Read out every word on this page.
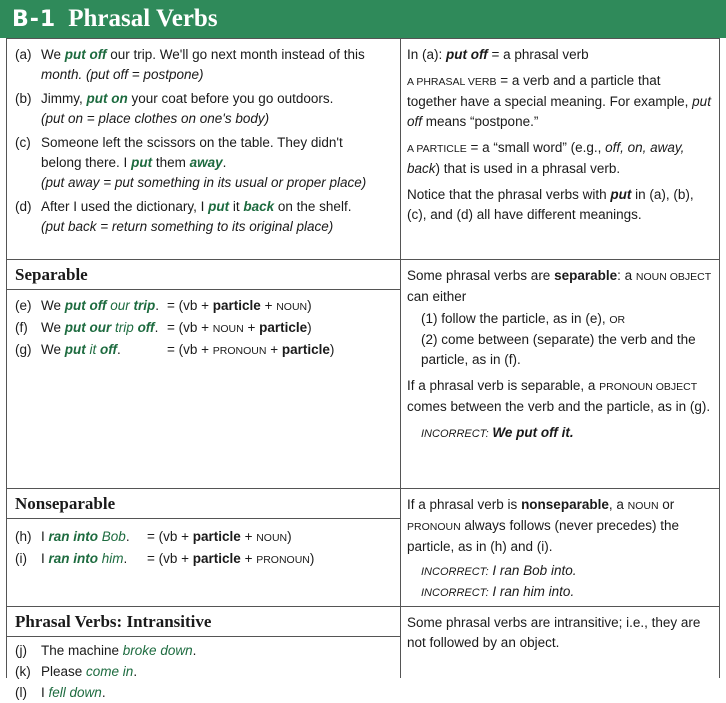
B-1 Phrasal Verbs
(a) We put off our trip. We'll go next month instead of this
month. (put off = postpone)
(b) Jimmy, put on your coat before you go outdoors.
(put on = place clothes on one's body)
(c) Someone left the scissors on the table. They didn't
belong there. I put them away.
(put away = put something in its usual or proper place)
(d) After I used the dictionary, I put it back on the shelf.
(put back = return something to its original place)

In (a): put off = a phrasal verb

A PHRASAL VERB = a verb and a particle that together have a special meaning. For example, put off means “postpone.”

A PARTICLE = a “small word” (e.g., off, on, away, back) that is used in a phrasal verb.

Notice that the phrasal verbs with put in (a), (b), (c), and (d) all have different meanings.

Separable
(e) We put off our trip. = (vb + particle + NOUN)
(f) We put our trip off. = (vb + NOUN + particle)
(g) We put it off.	= (vb + PRONOUN + particle)

Some phrasal verbs are separable: a NOUN OBJECT can either

(1) follow the particle, as in (e), OR
(2) come between (separate) the verb and the particle, as in (f).

If a phrasal verb is separable, a PRONOUN OBJECT comes between the verb and the particle, as in (g).

INCORRECT: We put off it.
Nonseparable
(h) I ran into Bob.	= (vb + particle + NOUN)
(i)	I ran into him.	= (vb + particle + PRONOUN)

If a phrasal verb is nonseparable, a NOUN or PRONOUN always follows (never precedes) the particle, as in (h) and (i).

INCORRECT: I ran Bob into.
INCORRECT: I ran him into.
Phrasal Verbs: Intransitive
(j)	The machine broke down.
(k) Please come in.
(l)	I fell down.

Some phrasal verbs are intransitive; i.e., they are not followed by an object.
